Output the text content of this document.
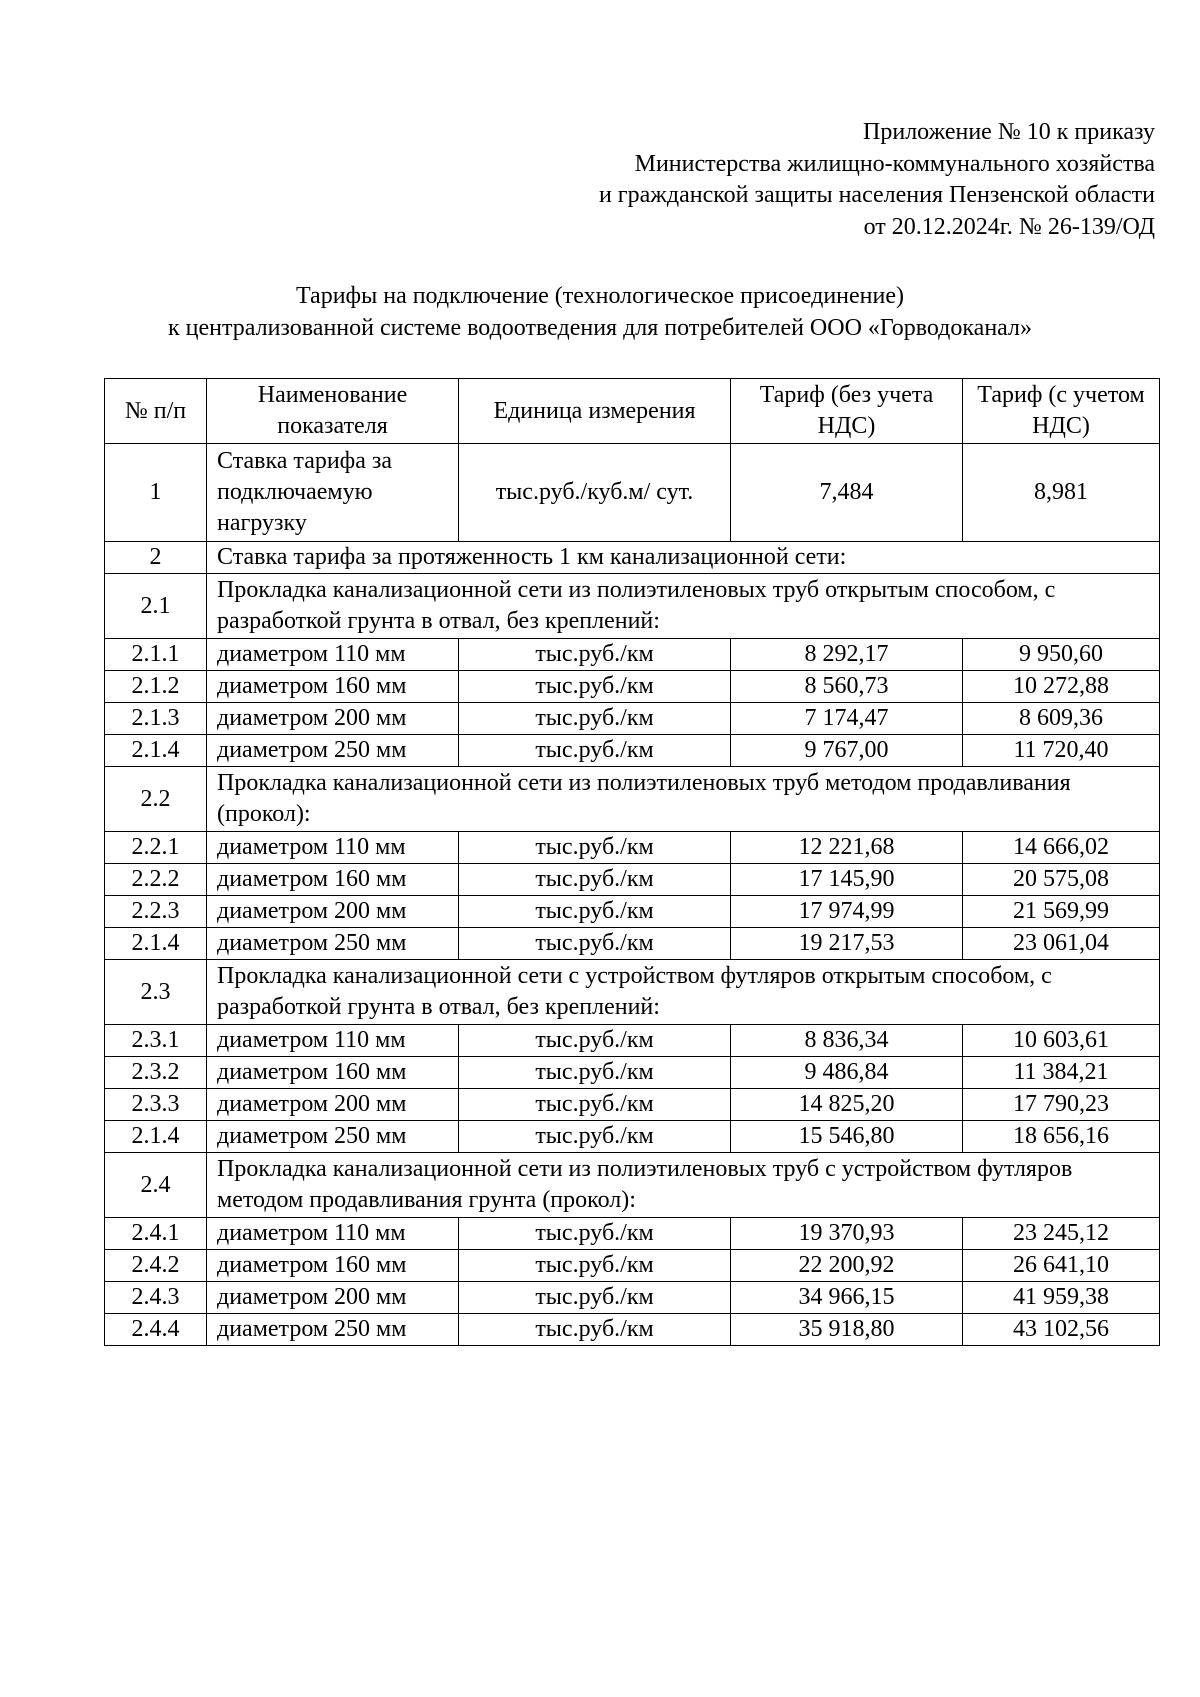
Приложение № 10 к приказу
Министерства жилищно-коммунального хозяйства
и гражданской защиты населения Пензенской области
от 20.12.2024г. № 26-139/ОД
Тарифы на подключение (технологическое присоединение)
к централизованной системе водоотведения для потребителей ООО «Горводоканал»
№ п/п	Наименование показателя	Единица измерения	Тариф (без учета НДС)	Тариф (с учетом НДС)
1	Ставка тарифа за подключаемую нагрузку	тыс.руб./куб.м/ сут.	7,484	8,981
2	Ставка тарифа за протяженность 1 км канализационной сети:			
2.1	Прокладка канализационной сети из полиэтиленовых труб открытым способом, с разработкой грунта в отвал, без креплений:			
2.1.1	диаметром 110 мм	тыс.руб./км	8 292,17	9 950,60
2.1.2	диаметром 160 мм	тыс.руб./км	8 560,73	10 272,88
2.1.3	диаметром 200 мм	тыс.руб./км	7 174,47	8 609,36
2.1.4	диаметром 250 мм	тыс.руб./км	9 767,00	11 720,40
2.2	Прокладка канализационной сети из полиэтиленовых труб методом продавливания (прокол):			
2.2.1	диаметром 110 мм	тыс.руб./км	12 221,68	14 666,02
2.2.2	диаметром 160 мм	тыс.руб./км	17 145,90	20 575,08
2.2.3	диаметром 200 мм	тыс.руб./км	17 974,99	21 569,99
2.1.4	диаметром 250 мм	тыс.руб./км	19 217,53	23 061,04
2.3	Прокладка канализационной сети с устройством футляров открытым способом, с разработкой грунта в отвал, без креплений:			
2.3.1	диаметром 110 мм	тыс.руб./км	8 836,34	10 603,61
2.3.2	диаметром 160 мм	тыс.руб./км	9 486,84	11 384,21
2.3.3	диаметром 200 мм	тыс.руб./км	14 825,20	17 790,23
2.1.4	диаметром 250 мм	тыс.руб./км	15 546,80	18 656,16
2.4	Прокладка канализационной сети из полиэтиленовых труб с устройством футляров методом продавливания грунта (прокол):			
2.4.1	диаметром 110 мм	тыс.руб./км	19 370,93	23 245,12
2.4.2	диаметром 160 мм	тыс.руб./км	22 200,92	26 641,10
2.4.3	диаметром 200 мм	тыс.руб./км	34 966,15	41 959,38
2.4.4	диаметром 250 мм	тыс.руб./км	35 918,80	43 102,56
